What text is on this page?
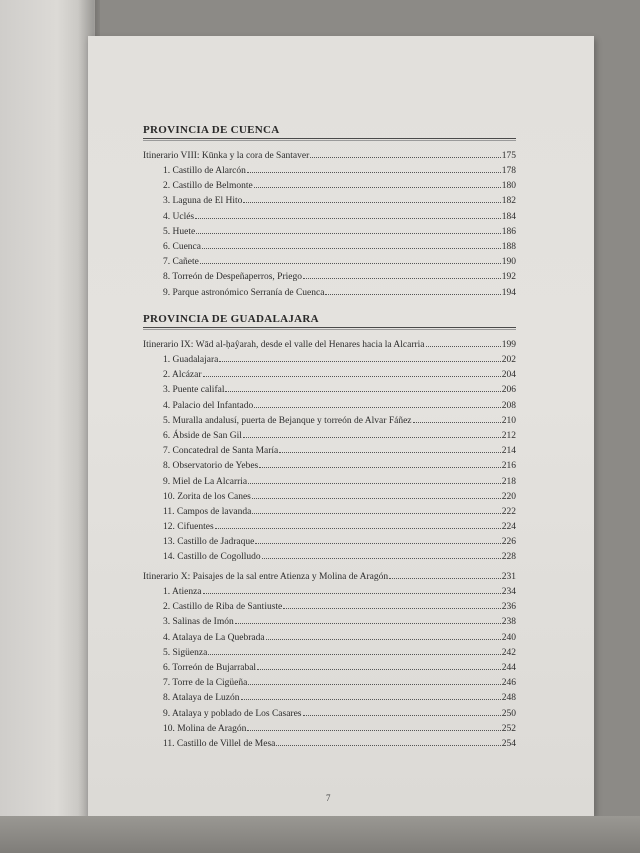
PROVINCIA DE CUENCA
Itinerario VIII: Kūnka y la cora de Santaver	175
1. Castillo de Alarcón	178
2. Castillo de Belmonte	180
3. Laguna de El Hito	182
4. Uclés	184
5. Huete	186
6. Cuenca	188
7. Cañete	190
8. Torreón de Despeñaperros, Priego	192
9. Parque astronómico Serranía de Cuenca	194
PROVINCIA DE GUADALAJARA
Itinerario IX: Wād al-ḥaŷarah, desde el valle del Henares hacia la Alcarria	199
1. Guadalajara	202
2. Alcázar	204
3. Puente califal	206
4. Palacio del Infantado	208
5. Muralla andalusí, puerta de Bejanque y torreón de Alvar Fáñez	210
6. Ábside de San Gil	212
7. Concatedral de Santa María	214
8. Observatorio de Yebes	216
9. Miel de La Alcarria	218
10. Zorita de los Canes	220
11. Campos de lavanda	222
12. Cifuentes	224
13. Castillo de Jadraque	226
14. Castillo de Cogolludo	228
Itinerario X: Paisajes de la sal entre Atienza y Molina de Aragón	231
1. Atienza	234
2. Castillo de Riba de Santiuste	236
3. Salinas de Imón	238
4. Atalaya de La Quebrada	240
5. Sigüenza	242
6. Torreón de Bujarrabal	244
7. Torre de la Cigüeña	246
8. Atalaya de Luzón	248
9. Atalaya y poblado de Los Casares	250
10. Molina de Aragón	252
11. Castillo de Villel de Mesa	254
7
